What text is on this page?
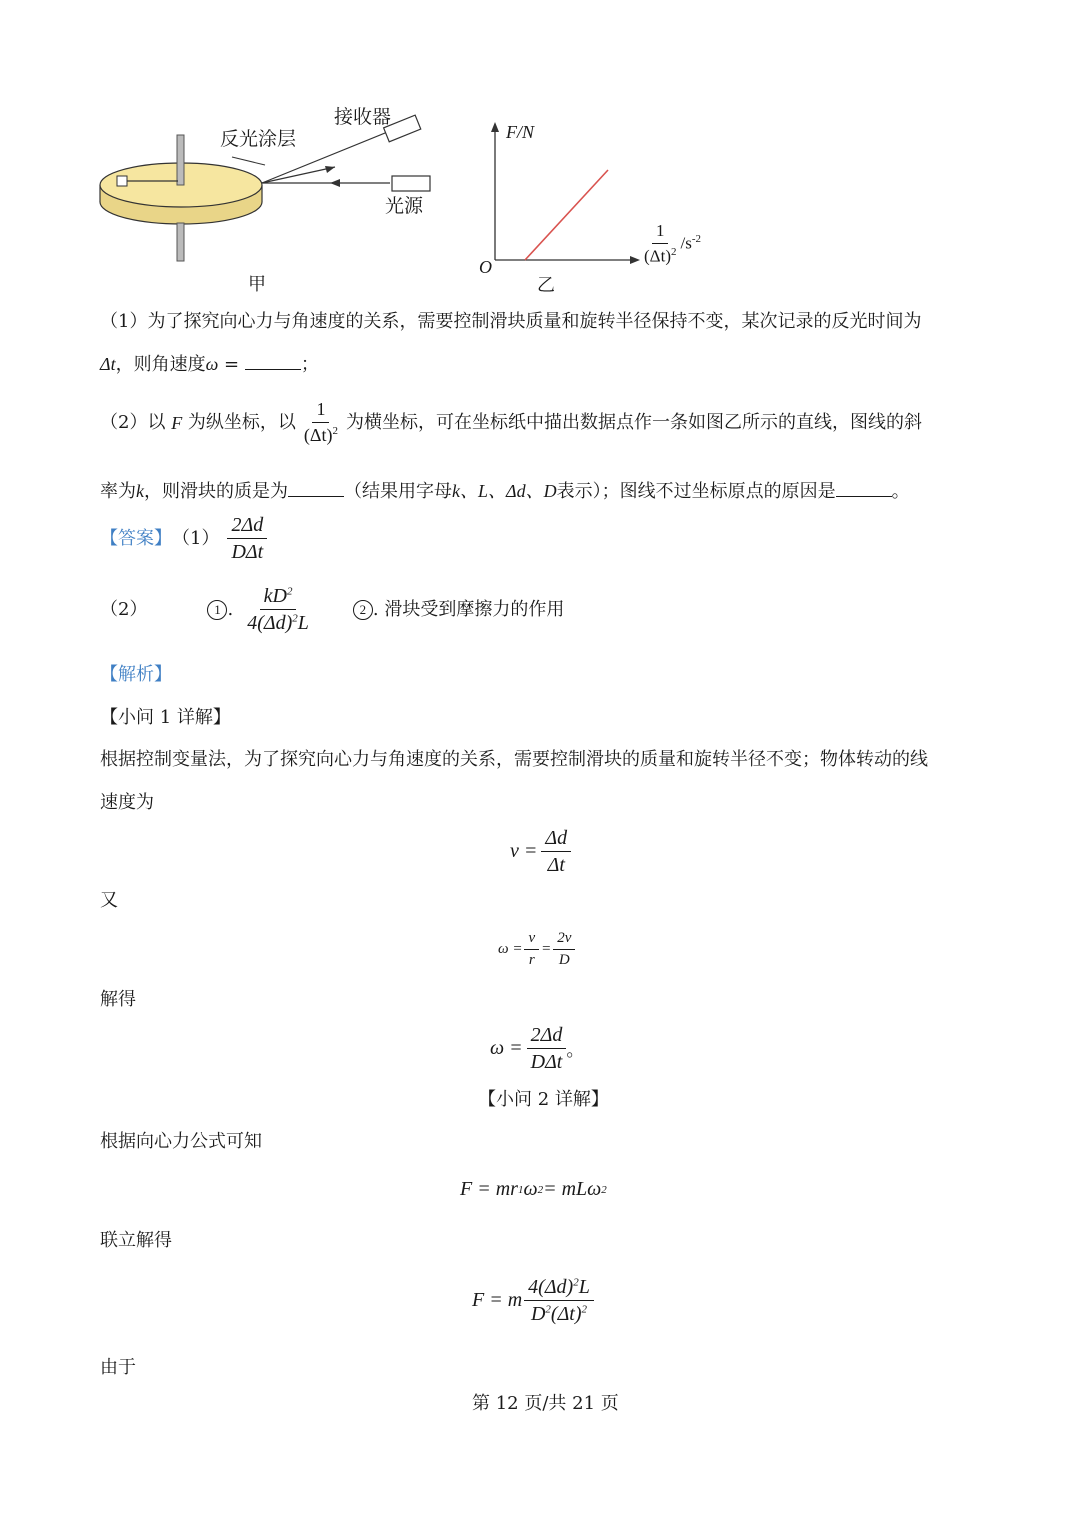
接收器
反光涂层
光源
甲
F/N
O
$\frac{1}{(\Delta t)^2} /s^{-2}$
乙
（1）为了探究向心力与角速度的关系，需要控制滑块质量和旋转半径保持不变，某次记录的反光时间为
Δt，则角速度ω =	；
（2）以
F
为纵坐标，以 $\frac{1}{(\Delta t)^2}$ 为横坐标，可在坐标纸中描出数据点作一条如图乙所示的直线，图线的斜
率为k，则滑块的质是为	（结果用字母k、L、Δd、D表示）；图线不过坐标原点的原因是	。
【答案】 $(1) \frac{2\Delta d}{\text{DΔt}}$
（2）	1 . $\frac{kD^2}{4(\Delta d)^2L}$	2 . 滑块受到摩擦力的作用
【解析】
【小问 1 详解】
根据控制变量法，为了探究向心力与角速度的关系，需要控制滑块的质量和旋转半径不变；物体转动的线
速度为
$v = \frac{\Delta d}{\Delta t}$
又
$\omega = \frac{v}{r} = \frac{2v}{D}$
解得
$\omega = \frac{2\Delta d}{\text{DΔt}}$ 。
【小问 2 详解】
根据向心力公式可知
F = mr 1 ω 2 = mLω 2
联立解得
F = m $\frac{4(\Delta d)^2L}{D^2(\Delta t)^2}$
由于
第 12 页/共 21 页
